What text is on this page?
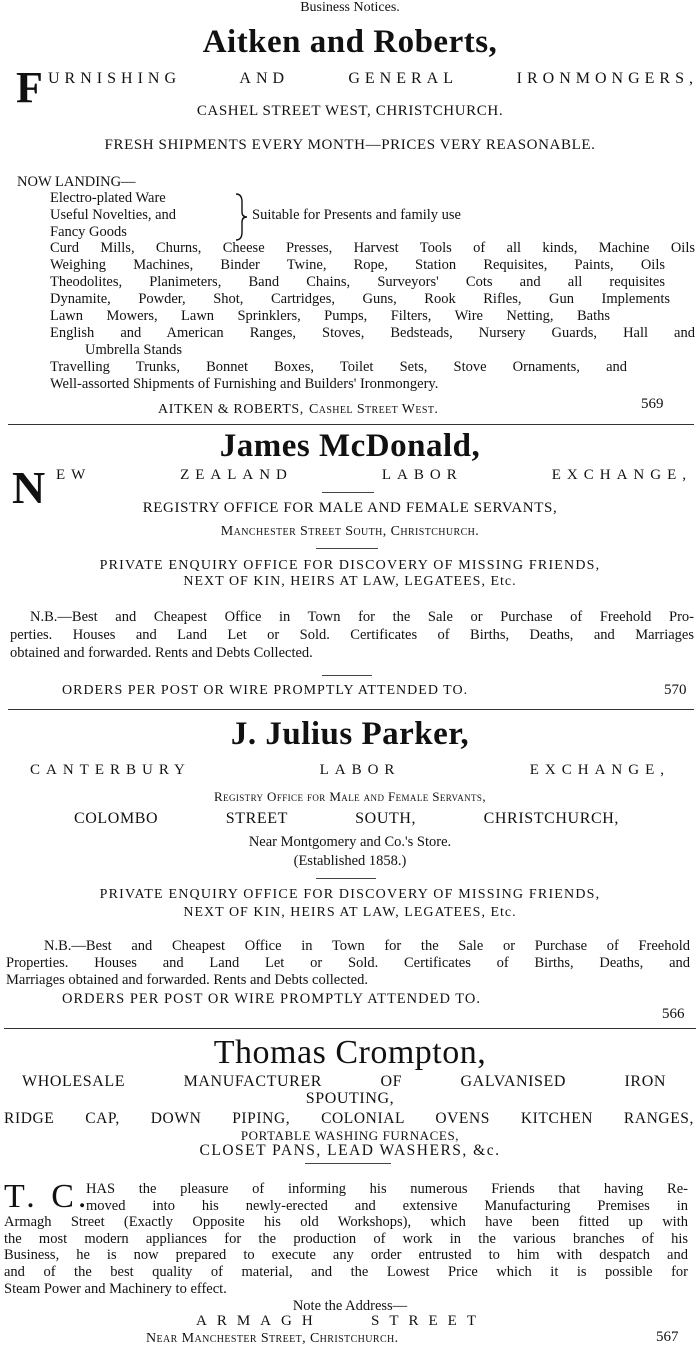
Business Notices.
Aitken and Roberts,
F URNISHING AND GENERAL IRONMONGERS,
CASHEL STREET WEST, CHRISTCHURCH.
FRESH SHIPMENTS EVERY MONTH—PRICES VERY REASONABLE.
NOW LANDING—
Electro-plated Ware
Useful Novelties, and
Fancy Goods
Suitable for Presents and family use
Curd Mills, Churns, Cheese Presses, Harvest Tools of all kinds, Machine Oils
Weighing Machines, Binder Twine, Rope, Station Requisites, Paints, Oils
Theodolites, Planimeters, Band Chains, Surveyors' Cots and all requisites
Dynamite, Powder, Shot, Cartridges, Guns, Rook Rifles, Gun Implements
Lawn Mowers, Lawn Sprinklers, Pumps, Filters, Wire Netting, Baths
English and American Ranges, Stoves, Bedsteads, Nursery Guards, Hall and
Umbrella Stands
Travelling Trunks, Bonnet Boxes, Toilet Sets, Stove Ornaments, and
Well-assorted Shipments of Furnishing and Builders' Ironmongery.
AITKEN & ROBERTS, Cashel Street West.	569
James McDonald,
N EW ZEALAND LABOR EXCHANGE,
REGISTRY OFFICE FOR MALE AND FEMALE SERVANTS,
Manchester Street South, Christchurch.
PRIVATE ENQUIRY OFFICE FOR DISCOVERY OF MISSING FRIENDS,
NEXT OF KIN, HEIRS AT LAW, LEGATEES, Etc.
N.B.—Best and Cheapest Office in Town for the Sale or Purchase of Freehold Pro-
perties. Houses and Land Let or Sold. Certificates of Births, Deaths, and Marriages
obtained and forwarded. Rents and Debts Collected.
ORDERS PER POST OR WIRE PROMPTLY ATTENDED TO.	570
J. Julius Parker,
CANTERBURY LABOR EXCHANGE,
Registry Office for Male and Female Servants,
COLOMBO STREET SOUTH, CHRISTCHURCH,
Near Montgomery and Co.'s Store.
(Established 1858.)
PRIVATE ENQUIRY OFFICE FOR DISCOVERY OF MISSING FRIENDS,
NEXT OF KIN, HEIRS AT LAW, LEGATEES, Etc.
N.B.—Best and Cheapest Office in Town for the Sale or Purchase of Freehold
Properties. Houses and Land Let or Sold. Certificates of Births, Deaths, and
Marriages obtained and forwarded. Rents and Debts collected.
ORDERS PER POST OR WIRE PROMPTLY ATTENDED TO.
566
Thomas Crompton,
WHOLESALE MANUFACTURER OF GALVANISED IRON
SPOUTING,
RIDGE CAP, DOWN PIPING, COLONIAL OVENS KITCHEN RANGES,
PORTABLE WASHING FURNACES,
CLOSET PANS, LEAD WASHERS, &c.
T. C.
HAS the pleasure of informing his numerous Friends that having Re-
moved into his newly-erected and extensive Manufacturing Premises in
Armagh Street (Exactly Opposite his old Workshops), which have been fitted up with
the most modern appliances for the production of work in the various branches of his
Business, he is now prepared to execute any order entrusted to him with despatch and
and of the best quality of material, and the Lowest Price which it is possible for
Steam Power and Machinery to effect.
Note the Address—
ARMAGH STREET
Near Manchester Street, Christchurch.	567
